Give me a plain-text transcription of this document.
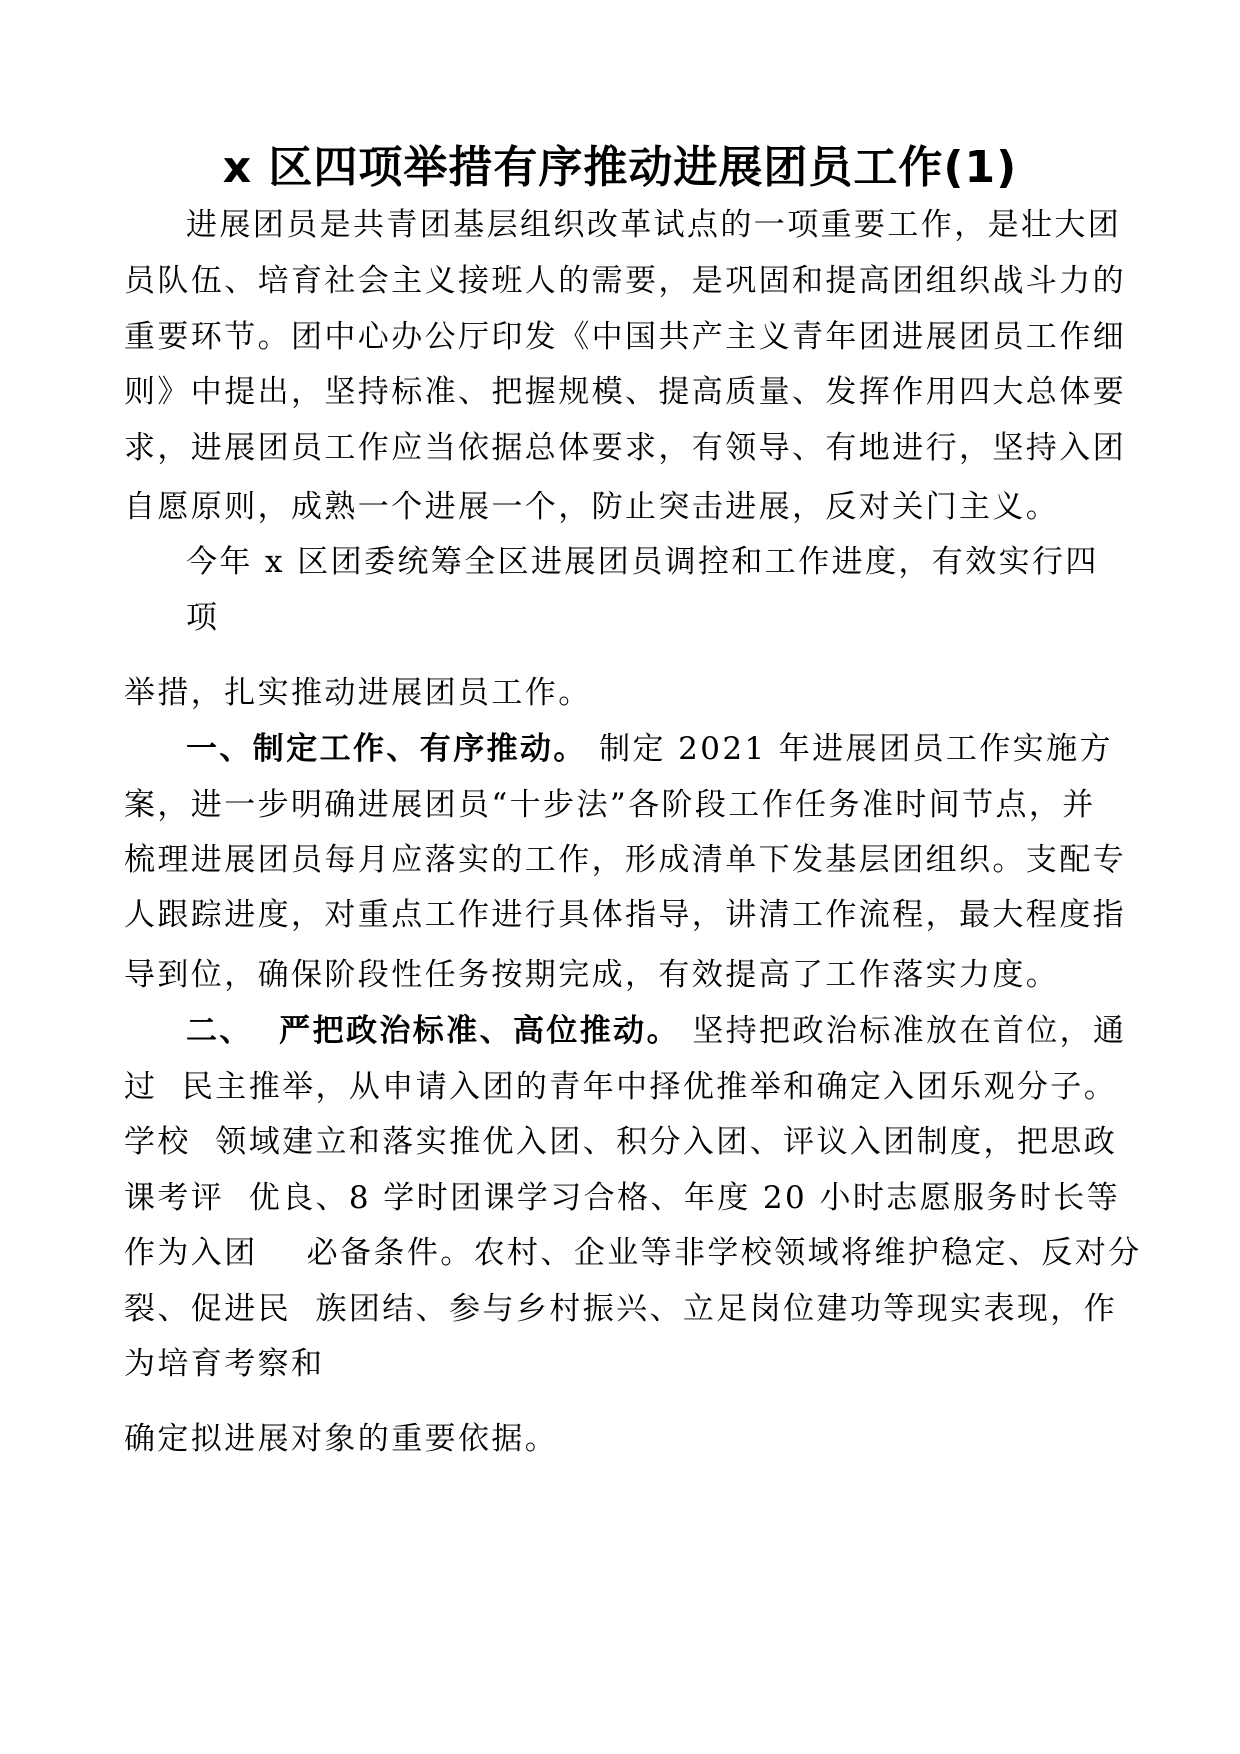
x 区四项举措有序推动进展团员工作(1)
进展团员是共青团基层组织改革试点的一项重要工作，是壮大团
员队伍、培育社会主义接班人的需要，是巩固和提高团组织战斗力的
重要环节。团中心办公厅印发《中国共产主义青年团进展团员工作细
则》中提出，坚持标准、把握规模、提高质量、发挥作用四大总体要
求，进展团员工作应当依据总体要求，有领导、有地进行，坚持入团
自愿原则，成熟一个进展一个，防止突击进展，反对关门主义。
今年 x 区团委统筹全区进展团员调控和工作进度，有效实行四
项
举措，扎实推动进展团员工作。
一、制定工作、有序推动。 制定 2021 年进展团员工作实施方
案，进一步明确进展团员“十步法”各阶段工作任务准时间节点，并
梳理进展团员每月应落实的工作，形成清单下发基层团组织。支配专
人跟踪进度，对重点工作进行具体指导，讲清工作流程，最大程度指
导到位，确保阶段性任务按期完成，有效提高了工作落实力度。
二、  严把政治标准、高位推动。 坚持把政治标准放在首位，通
过  民主推举，从申请入团的青年中择优推举和确定入团乐观分子。
学校  领域建立和落实推优入团、积分入团、评议入团制度，把思政
课考评  优良、8 学时团课学习合格、年度 20 小时志愿服务时长等
作为入团    必备条件。农村、企业等非学校领域将维护稳定、反对分
裂、促进民  族团结、参与乡村振兴、立足岗位建功等现实表现，作
为培育考察和
确定拟进展对象的重要依据。
